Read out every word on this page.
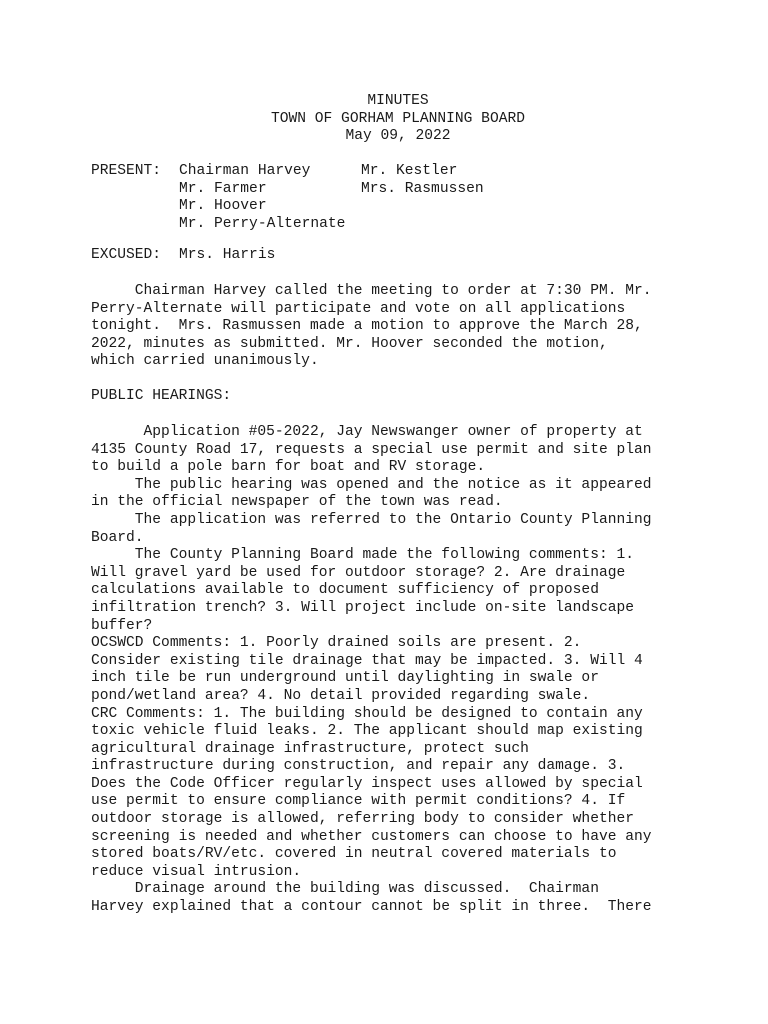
MINUTES
TOWN OF GORHAM PLANNING BOARD
May 09, 2022
PRESENT: Chairman Harvey	Mr. Kestler
Mr. Farmer	Mrs. Rasmussen
Mr. Hoover
Mr. Perry-Alternate
EXCUSED: Mrs. Harris
Chairman Harvey called the meeting to order at 7:30 PM. Mr.
Perry-Alternate will participate and vote on all applications
tonight.  Mrs. Rasmussen made a motion to approve the March 28,
2022, minutes as submitted. Mr. Hoover seconded the motion,
which carried unanimously.
PUBLIC HEARINGS:
Application #05-2022, Jay Newswanger owner of property at
4135 County Road 17, requests a special use permit and site plan
to build a pole barn for boat and RV storage.
The public hearing was opened and the notice as it appeared
in the official newspaper of the town was read.
The application was referred to the Ontario County Planning
Board.
The County Planning Board made the following comments: 1.
Will gravel yard be used for outdoor storage? 2. Are drainage
calculations available to document sufficiency of proposed
infiltration trench? 3. Will project include on-site landscape
buffer?
OCSWCD Comments: 1. Poorly drained soils are present. 2.
Consider existing tile drainage that may be impacted. 3. Will 4
inch tile be run underground until daylighting in swale or
pond/wetland area? 4. No detail provided regarding swale.
CRC Comments: 1. The building should be designed to contain any
toxic vehicle fluid leaks. 2. The applicant should map existing
agricultural drainage infrastructure, protect such
infrastructure during construction, and repair any damage. 3.
Does the Code Officer regularly inspect uses allowed by special
use permit to ensure compliance with permit conditions? 4. If
outdoor storage is allowed, referring body to consider whether
screening is needed and whether customers can choose to have any
stored boats/RV/etc. covered in neutral covered materials to
reduce visual intrusion.
Drainage around the building was discussed.  Chairman
Harvey explained that a contour cannot be split in three.  There
